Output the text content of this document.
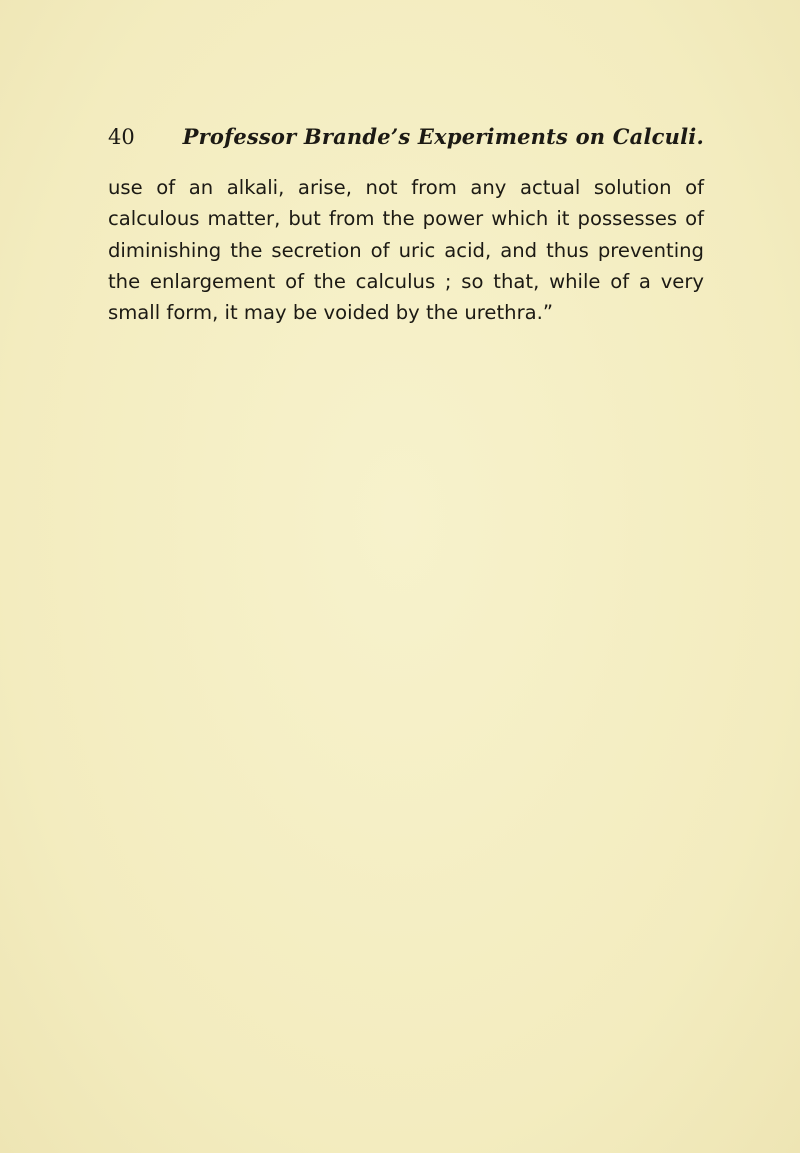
40	Professor Brande’s Experiments on Calculi.

use of an alkali, arise, not from any actual solution of
calculous matter, but from the power which it possesses of
diminishing the secretion of uric acid, and thus preventing
the enlargement of the calculus ; so that, while of a very
small form, it may be voided by the urethra.”
